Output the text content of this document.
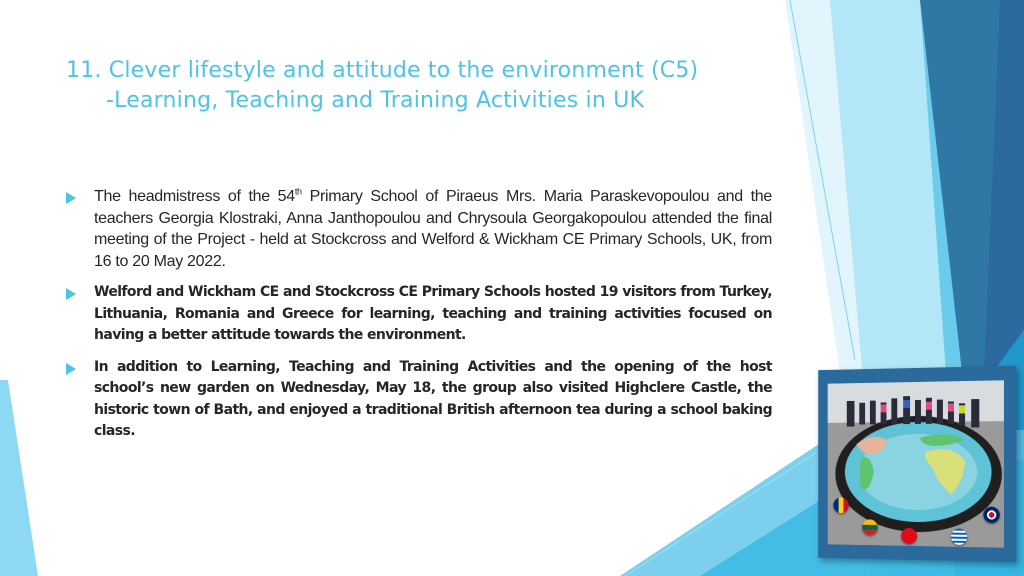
11. Clever lifestyle and attitude to the environment (C5)
-Learning, Teaching and Training Activities in UK
The headmistress of the 54th Primary School of Piraeus Mrs. Maria Paraskevopoulou and the teachers Georgia Klostraki, Anna Janthopoulou and Chrysoula Georgakopoulou attended the final meeting of the Project - held at Stockcross and Welford & Wickham CE Primary Schools, UK, from 16 to 20 May 2022.
Welford and Wickham CE and Stockcross CE Primary Schools hosted 19 visitors from Turkey, Lithuania, Romania and Greece for learning, teaching and training activities focused on having a better attitude towards the environment.
In addition to Learning, Teaching and Training Activities and the opening of the host school’s new garden on Wednesday, May 18, the group also visited Highclere Castle, the historic town of Bath, and enjoyed a traditional British afternoon tea during a school baking class.
